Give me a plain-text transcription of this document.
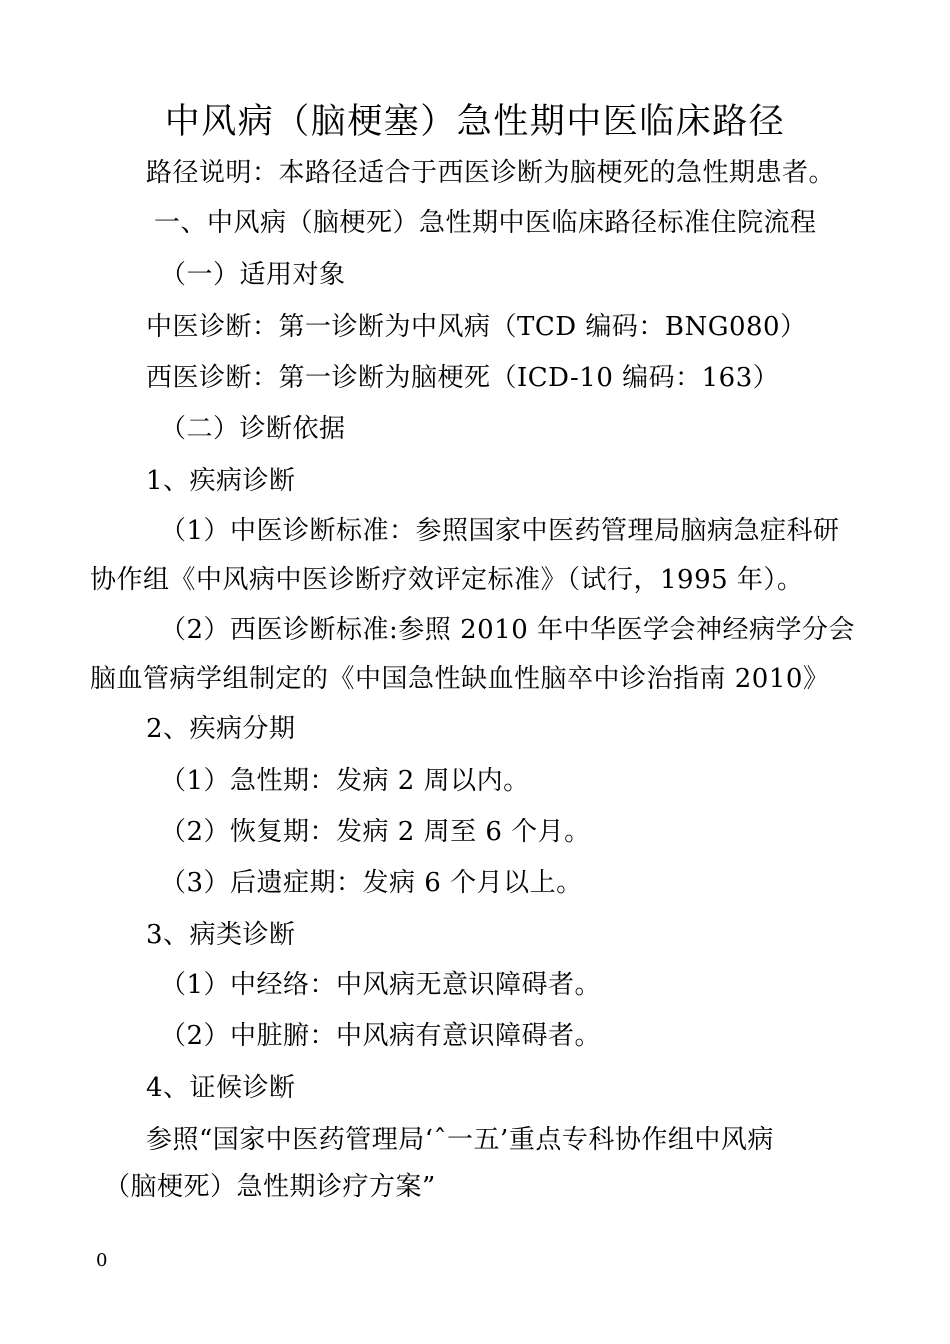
中风病（脑梗塞）急性期中医临床路径
路径说明：本路径适合于西医诊断为脑梗死的急性期患者。
一、中风病（脑梗死）急性期中医临床路径标准住院流程
（一）适用对象
中医诊断：第一诊断为中风病（TCD 编码：BNG080）
西医诊断：第一诊断为脑梗死（ICD-10 编码：163）
（二）诊断依据
1、疾病诊断
（1）中医诊断标准：参照国家中医药管理局脑病急症科研
协作组《中风病中医诊断疗效评定标准》（试行，1995 年）。
（2）西医诊断标准:参照 2010 年中华医学会神经病学分会
脑血管病学组制定的《中国急性缺血性脑卒中诊治指南 2010》
2、疾病分期
（1）急性期：发病 2 周以内。
（2）恢复期：发病 2 周至 6 个月。
（3）后遗症期：发病 6 个月以上。
3、病类诊断
（1）中经络：中风病无意识障碍者。
（2）中脏腑：中风病有意识障碍者。
4、证候诊断
参照“国家中医药管理局‘ˆ一五’重点专科协作组中风病
（脑梗死）急性期诊疗方案”
0
